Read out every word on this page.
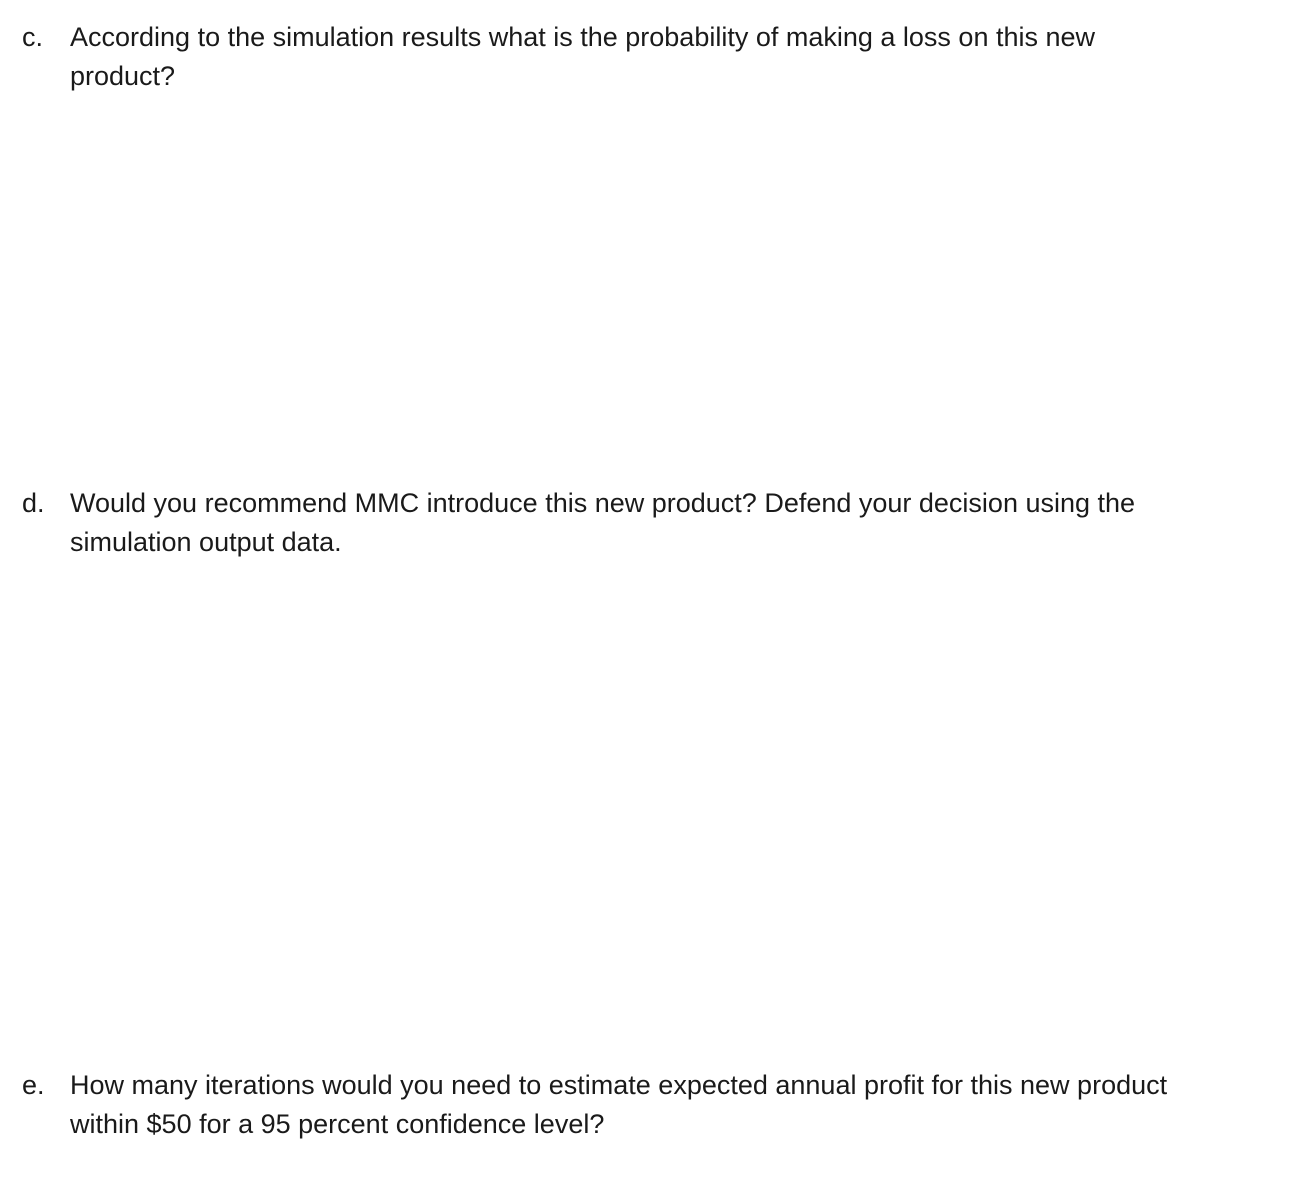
c. According to the simulation results what is the probability of making a loss on this new product?
d. Would you recommend MMC introduce this new product? Defend your decision using the simulation output data.
e. How many iterations would you need to estimate expected annual profit for this new product within $50 for a 95 percent confidence level?
